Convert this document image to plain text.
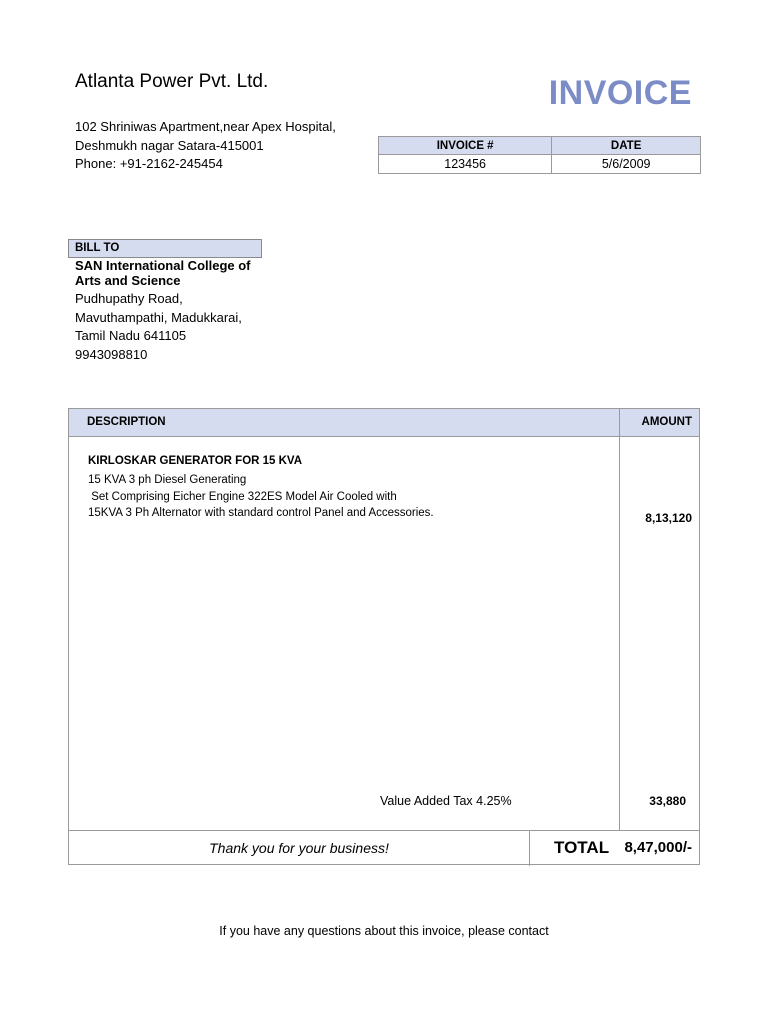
Atlanta Power Pvt. Ltd.	INVOICE
102 Shriniwas Apartment,near Apex Hospital,
Deshmukh nagar Satara-415001
Phone: +91-2162-245454
INVOICE #	DATE
123456	5/6/2009
BILL TO
SAN International College of
Arts and Science
Pudhupathy Road,
Mavuthampathi, Madukkarai,
Tamil Nadu 641105
9943098810
DESCRIPTION	AMOUNT
KIRLOSKAR GENERATOR FOR 15 KVA
15 KVA 3 ph Diesel Generating
Set Comprising Eicher Engine 322ES Model Air Cooled with
15KVA 3 Ph Alternator with standard control Panel and Accessories.	8,13,120
Value Added Tax 4.25%	33,880
Thank you for your business!	TOTAL 8,47,000/-
If you have any questions about this invoice, please contact
